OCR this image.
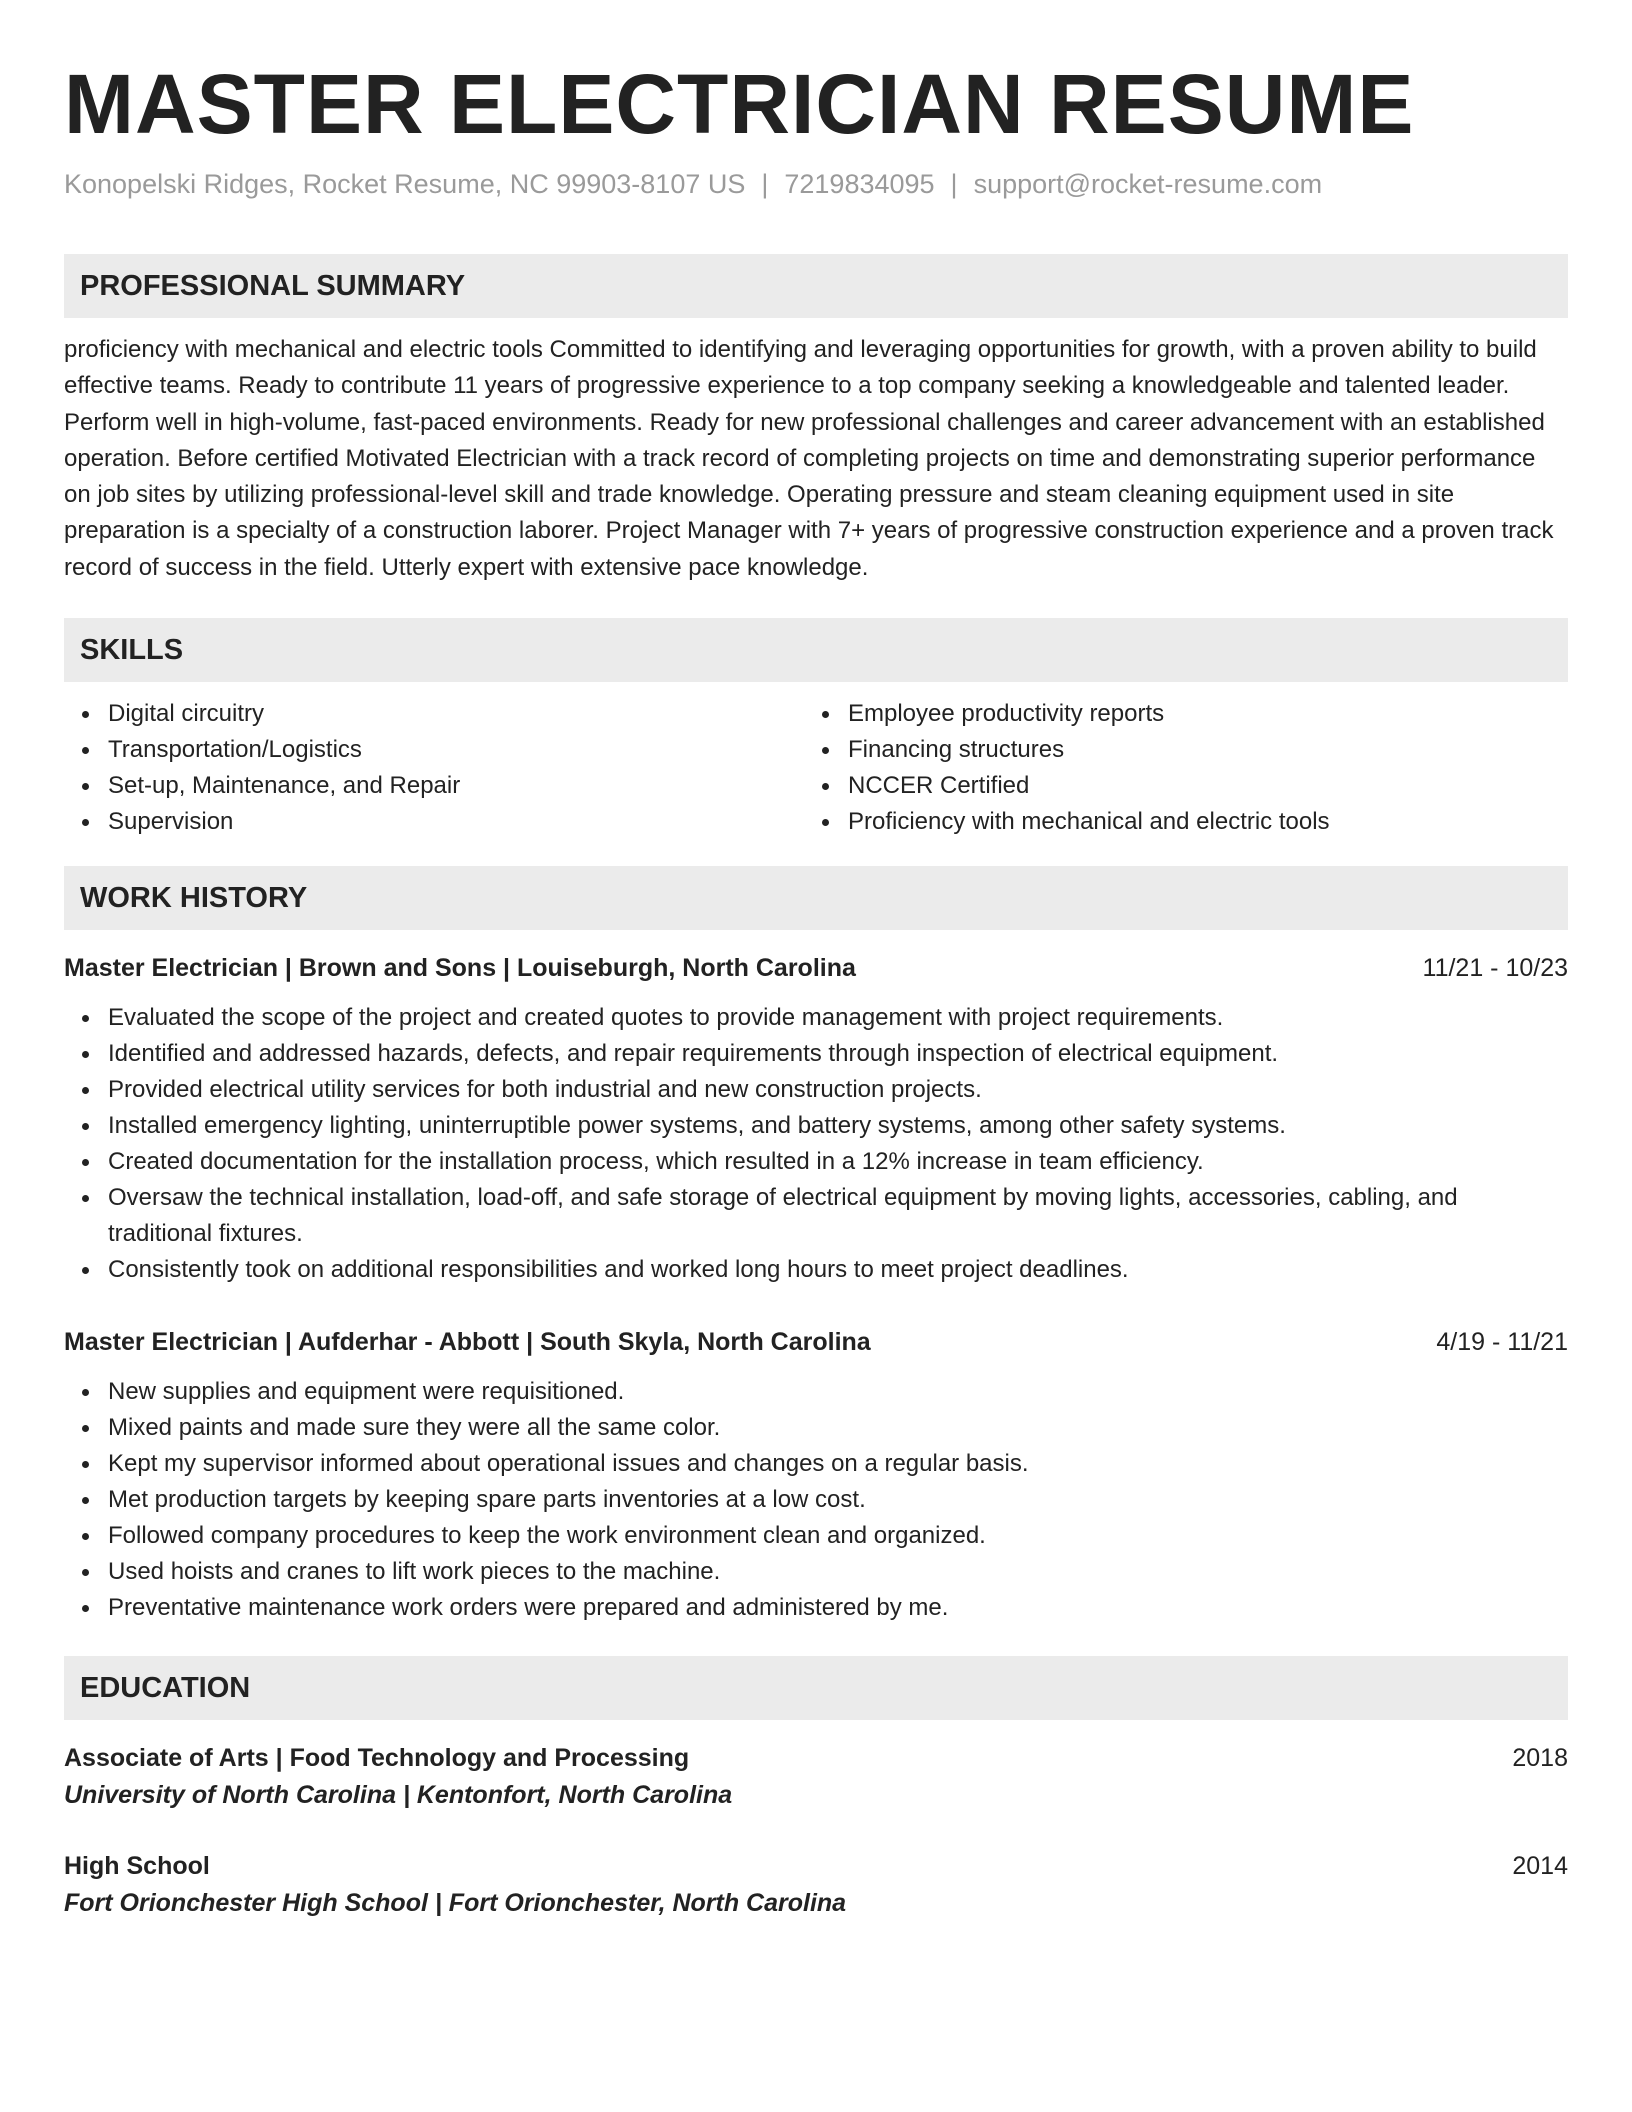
MASTER ELECTRICIAN RESUME
Konopelski Ridges, Rocket Resume, NC 99903-8107 US | 7219834095 | support@rocket-resume.com
PROFESSIONAL SUMMARY
proficiency with mechanical and electric tools Committed to identifying and leveraging opportunities for growth, with a proven ability to build effective teams. Ready to contribute 11 years of progressive experience to a top company seeking a knowledgeable and talented leader. Perform well in high-volume, fast-paced environments. Ready for new professional challenges and career advancement with an established operation. Before certified Motivated Electrician with a track record of completing projects on time and demonstrating superior performance on job sites by utilizing professional-level skill and trade knowledge. Operating pressure and steam cleaning equipment used in site preparation is a specialty of a construction laborer. Project Manager with 7+ years of progressive construction experience and a proven track record of success in the field. Utterly expert with extensive pace knowledge.
SKILLS
Digital circuitry
Transportation/Logistics
Set-up, Maintenance, and Repair
Supervision
Employee productivity reports
Financing structures
NCCER Certified
Proficiency with mechanical and electric tools
WORK HISTORY
Master Electrician | Brown and Sons | Louiseburgh, North Carolina	11/21 - 10/23
Evaluated the scope of the project and created quotes to provide management with project requirements.
Identified and addressed hazards, defects, and repair requirements through inspection of electrical equipment.
Provided electrical utility services for both industrial and new construction projects.
Installed emergency lighting, uninterruptible power systems, and battery systems, among other safety systems.
Created documentation for the installation process, which resulted in a 12% increase in team efficiency.
Oversaw the technical installation, load-off, and safe storage of electrical equipment by moving lights, accessories, cabling, and traditional fixtures.
Consistently took on additional responsibilities and worked long hours to meet project deadlines.
Master Electrician | Aufderhar - Abbott | South Skyla, North Carolina	4/19 - 11/21
New supplies and equipment were requisitioned.
Mixed paints and made sure they were all the same color.
Kept my supervisor informed about operational issues and changes on a regular basis.
Met production targets by keeping spare parts inventories at a low cost.
Followed company procedures to keep the work environment clean and organized.
Used hoists and cranes to lift work pieces to the machine.
Preventative maintenance work orders were prepared and administered by me.
EDUCATION
Associate of Arts | Food Technology and Processing	2018
University of North Carolina | Kentonfort, North Carolina
High School	2014
Fort Orionchester High School | Fort Orionchester, North Carolina
